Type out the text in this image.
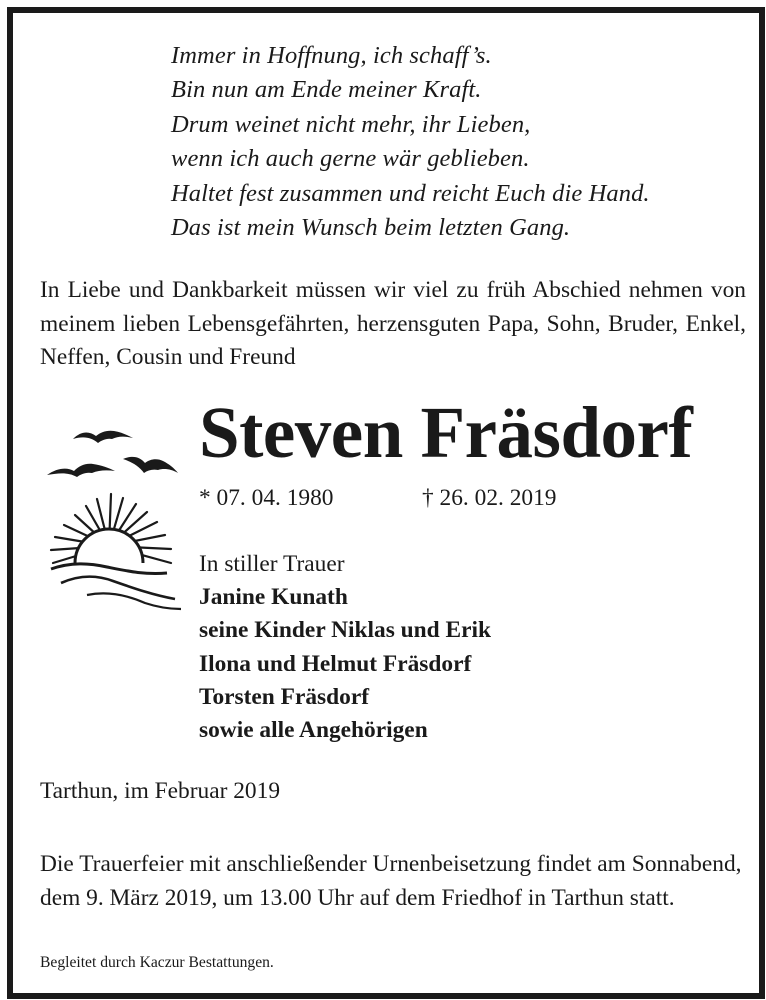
Immer in Hoffnung, ich schaff’s.
Bin nun am Ende meiner Kraft.
Drum weinet nicht mehr, ihr Lieben,
wenn ich auch gerne wär geblieben.
Haltet fest zusammen und reicht Euch die Hand.
Das ist mein Wunsch beim letzten Gang.
In Liebe und Dankbarkeit müssen wir viel zu früh Abschied nehmen von meinem lieben Lebensgefährten, herzensguten Papa, Sohn, Bruder, Enkel, Neffen, Cousin und Freund
Steven Fräsdorf
* 07. 04. 1980	† 26. 02. 2019
In stiller Trauer
Janine Kunath
seine Kinder Niklas und Erik
Ilona und Helmut Fräsdorf
Torsten Fräsdorf
sowie alle Angehörigen
Tarthun, im Februar 2019
Die Trauerfeier mit anschließender Urnenbeisetzung findet am Sonnabend, dem 9. März 2019, um 13.00 Uhr auf dem Friedhof in Tarthun statt.
Begleitet durch Kaczur Bestattungen.
